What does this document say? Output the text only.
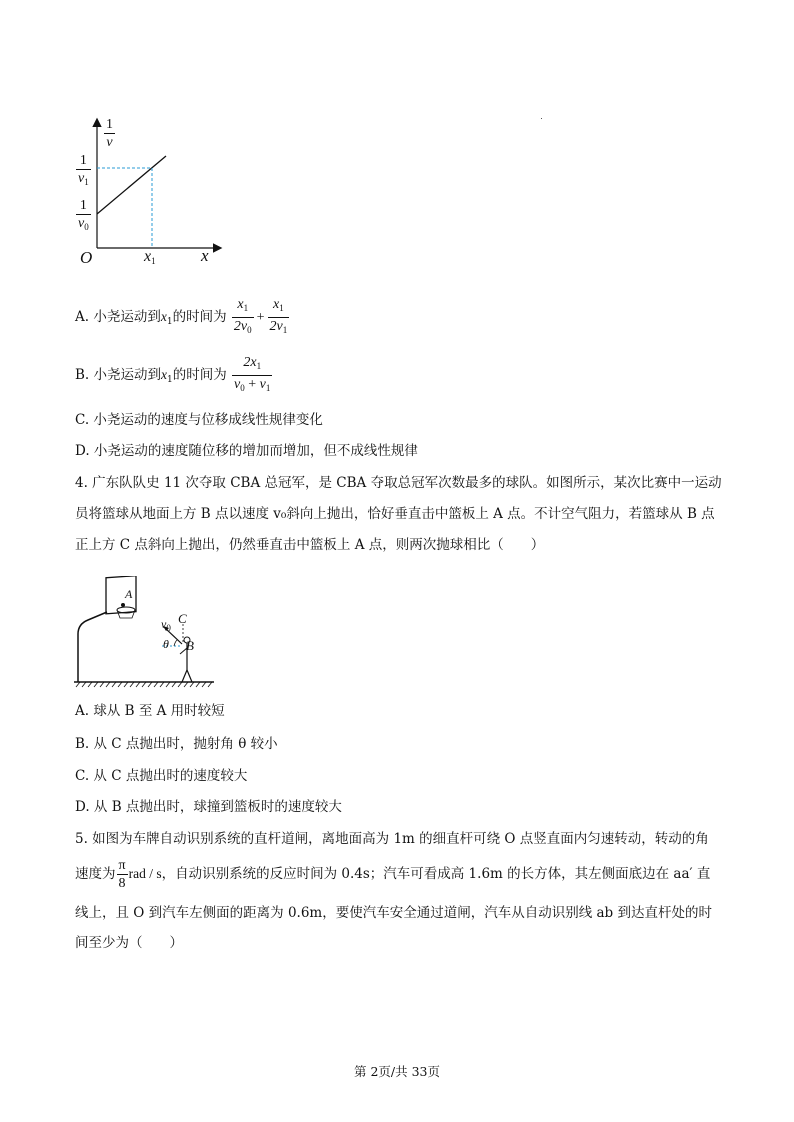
$\frac{1}{v}$
$\frac{1}{v_1}$
$\frac{1}{v_0}$
O	$x_1$	x
A. 小尧运动到$x_1$的时间为 $\frac{x_1}{2v_0} + \frac{x_1}{2v_1}$
B. 小尧运动到$x_1$的时间为 $\frac{2x_1}{v_0 + v_1}$
C. 小尧运动的速度与位移成线性规律变化
D. 小尧运动的速度随位移的增加而增加，但不成线性规律
4. 广东队队史 11 次夺取 CBA 总冠军，是 CBA 夺取总冠军次数最多的球队。如图所示，某次比赛中一运动员将篮球从地面上方 B 点以速度 v₀斜向上抛出，恰好垂直击中篮板上 A 点。不计空气阻力，若篮球从 B 点正上方 C 点斜向上抛出，仍然垂直击中篮板上 A 点，则两次抛球相比（　　）
A
C
$v_0$
θ B
A. 球从 B 至 A 用时较短
B. 从 C 点抛出时，抛射角 θ 较小
C. 从 C 点抛出时的速度较大
D. 从 B 点抛出时，球撞到篮板时的速度较大
5. 如图为车牌自动识别系统的直杆道闸，离地面高为 1m 的细直杆可绕 O 点竖直面内匀速转动，转动的角
速度为 $\frac{\pi}{8}$ rad / s，自动识别系统的反应时间为 0.4s；汽车可看成高 1.6m 的长方体，其左侧面底边在 aa′ 直
线上，且 O 到汽车左侧面的距离为 0.6m，要使汽车安全通过道闸，汽车从自动识别线 ab 到达直杆处的时
间至少为（　　）
第 2页/共 33页
